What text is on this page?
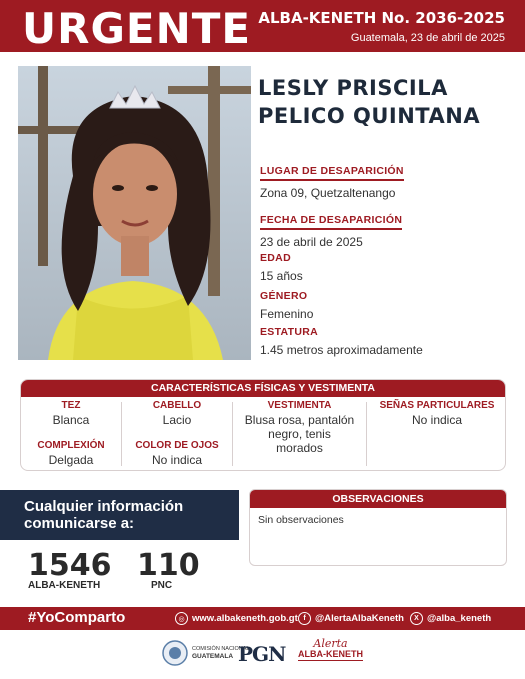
URGENTE ALBA-KENETH No. 2036-2025
Guatemala, 23 de abril de 2025
LESLY PRISCILA
PELICO QUINTANA
LUGAR DE DESAPARICIÓN
Zona 09, Quetzaltenango
FECHA DE DESAPARICIÓN
23 de abril de 2025
EDAD
15 años
GÉNERO
Femenino
ESTATURA
1.45 metros aproximadamente
CARACTERÍSTICAS FÍSICAS Y VESTIMENTA
TEZ
Blanca
COMPLEXIÓN
Delgada
CABELLO
Lacio
COLOR DE OJOS
No indica
VESTIMENTA
Blusa rosa, pantalón
negro, tenis
morados
SEÑAS PARTICULARES
No indica
Cualquier información
comunicarse a:
1546
ALBA-KENETH
110
PNC
OBSERVACIONES
Sin observaciones
#YoComparto	◎ www.albakeneth.gob.gt f @AlertaAlbaKeneth	X @alba_keneth
COMISIÓN NACIONAL
GUATEMALA PGN	Alerta
ALBA-KENETH
